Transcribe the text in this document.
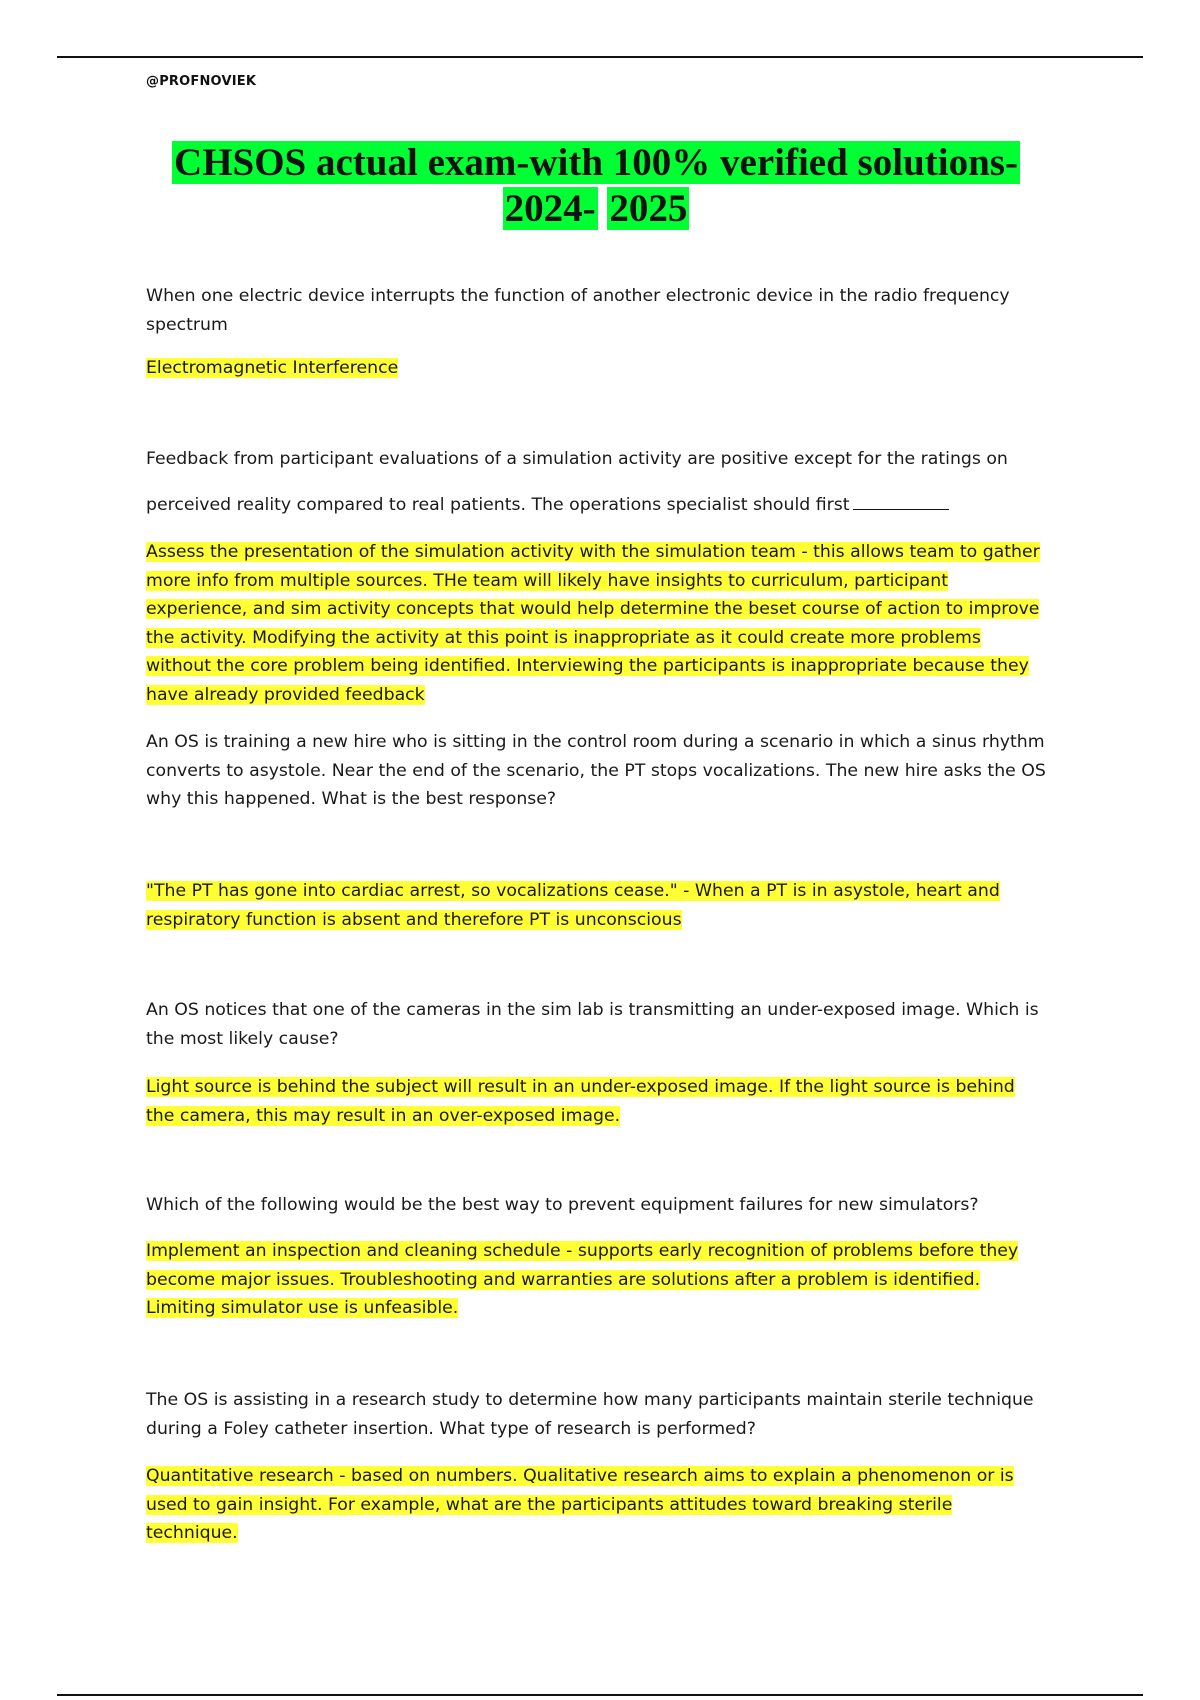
@PROFNOVIEK
CHSOS actual exam-with 100% verified solutions-
2024- 2025

When one electric device interrupts the function of another electronic device in the radio frequency spectrum

Electromagnetic Interference

Feedback from participant evaluations of a simulation activity are positive except for the ratings on perceived reality compared to real patients. The operations specialist should first

Assess the presentation of the simulation activity with the simulation team - this allows team to gather more info from multiple sources. THe team will likely have insights to curriculum, participant experience, and sim activity concepts that would help determine the beset course of action to improve the activity. Modifying the activity at this point is inappropriate as it could create more problems without the core problem being identified. Interviewing the participants is inappropriate because they have already provided feedback

An OS is training a new hire who is sitting in the control room during a scenario in which a sinus rhythm converts to asystole. Near the end of the scenario, the PT stops vocalizations. The new hire asks the OS why this happened. What is the best response?

"The PT has gone into cardiac arrest, so vocalizations cease." - When a PT is in asystole, heart and respiratory function is absent and therefore PT is unconscious

An OS notices that one of the cameras in the sim lab is transmitting an under-exposed image. Which is the most likely cause?

Light source is behind the subject will result in an under-exposed image. If the light source is behind the camera, this may result in an over-exposed image.

Which of the following would be the best way to prevent equipment failures for new simulators?

Implement an inspection and cleaning schedule - supports early recognition of problems before they become major issues. Troubleshooting and warranties are solutions after a problem is identified. Limiting simulator use is unfeasible.

The OS is assisting in a research study to determine how many participants maintain sterile technique during a Foley catheter insertion. What type of research is performed?

Quantitative research - based on numbers. Qualitative research aims to explain a phenomenon or is used to gain insight. For example, what are the participants attitudes toward breaking sterile technique.
